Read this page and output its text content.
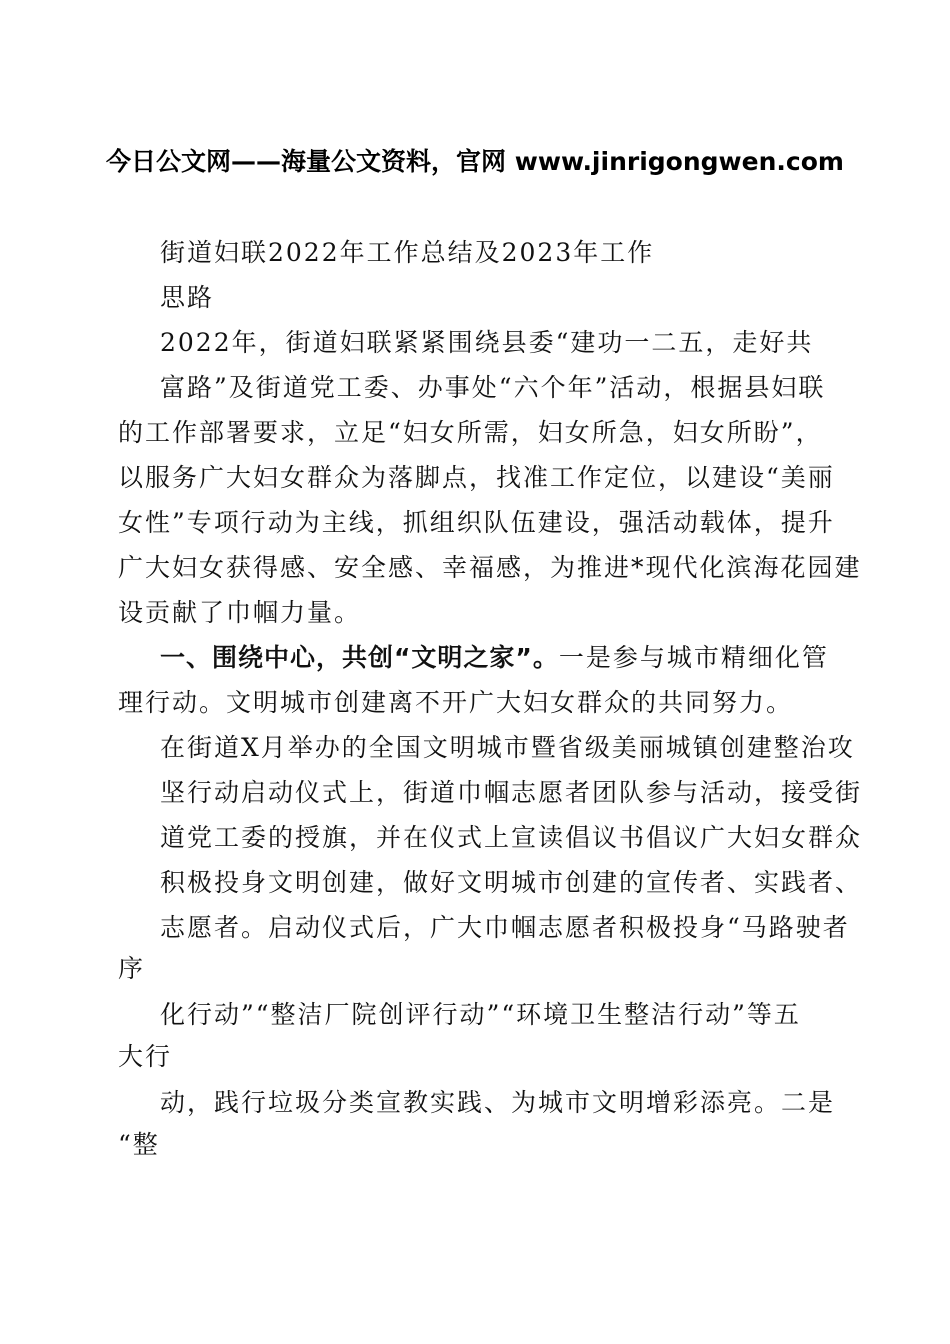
今日公文网——海量公文资料，官网 www.jinrigongwen.com
街道妇联2022年工作总结及2023年工作
思路
2022年，街道妇联紧紧围绕县委“建功一二五，走好共
富路”及街道党工委、办事处“六个年”活动，根据县妇联
的工作部署要求，立足“妇女所需，妇女所急，妇女所盼”，
以服务广大妇女群众为落脚点，找准工作定位，以建设“美丽
女性”专项行动为主线，抓组织队伍建设，强活动载体，提升
广大妇女获得感、安全感、幸福感，为推进*现代化滨海花园建
设贡献了巾帼力量。
一、围绕中心，共创“文明之家”。一是参与城市精细化管
理行动。文明城市创建离不开广大妇女群众的共同努力。
在街道X月举办的全国文明城市暨省级美丽城镇创建整治攻
坚行动启动仪式上，街道巾帼志愿者团队参与活动，接受街
道党工委的授旗，并在仪式上宣读倡议书倡议广大妇女群众
积极投身文明创建，做好文明城市创建的宣传者、实践者、
志愿者。启动仪式后，广大巾帼志愿者积极投身“马路驶者
序
化行动”“整洁厂院创评行动”“环境卫生整洁行动”等五
大行
动，践行垃圾分类宣教实践、为城市文明增彩添亮。二是
“整
